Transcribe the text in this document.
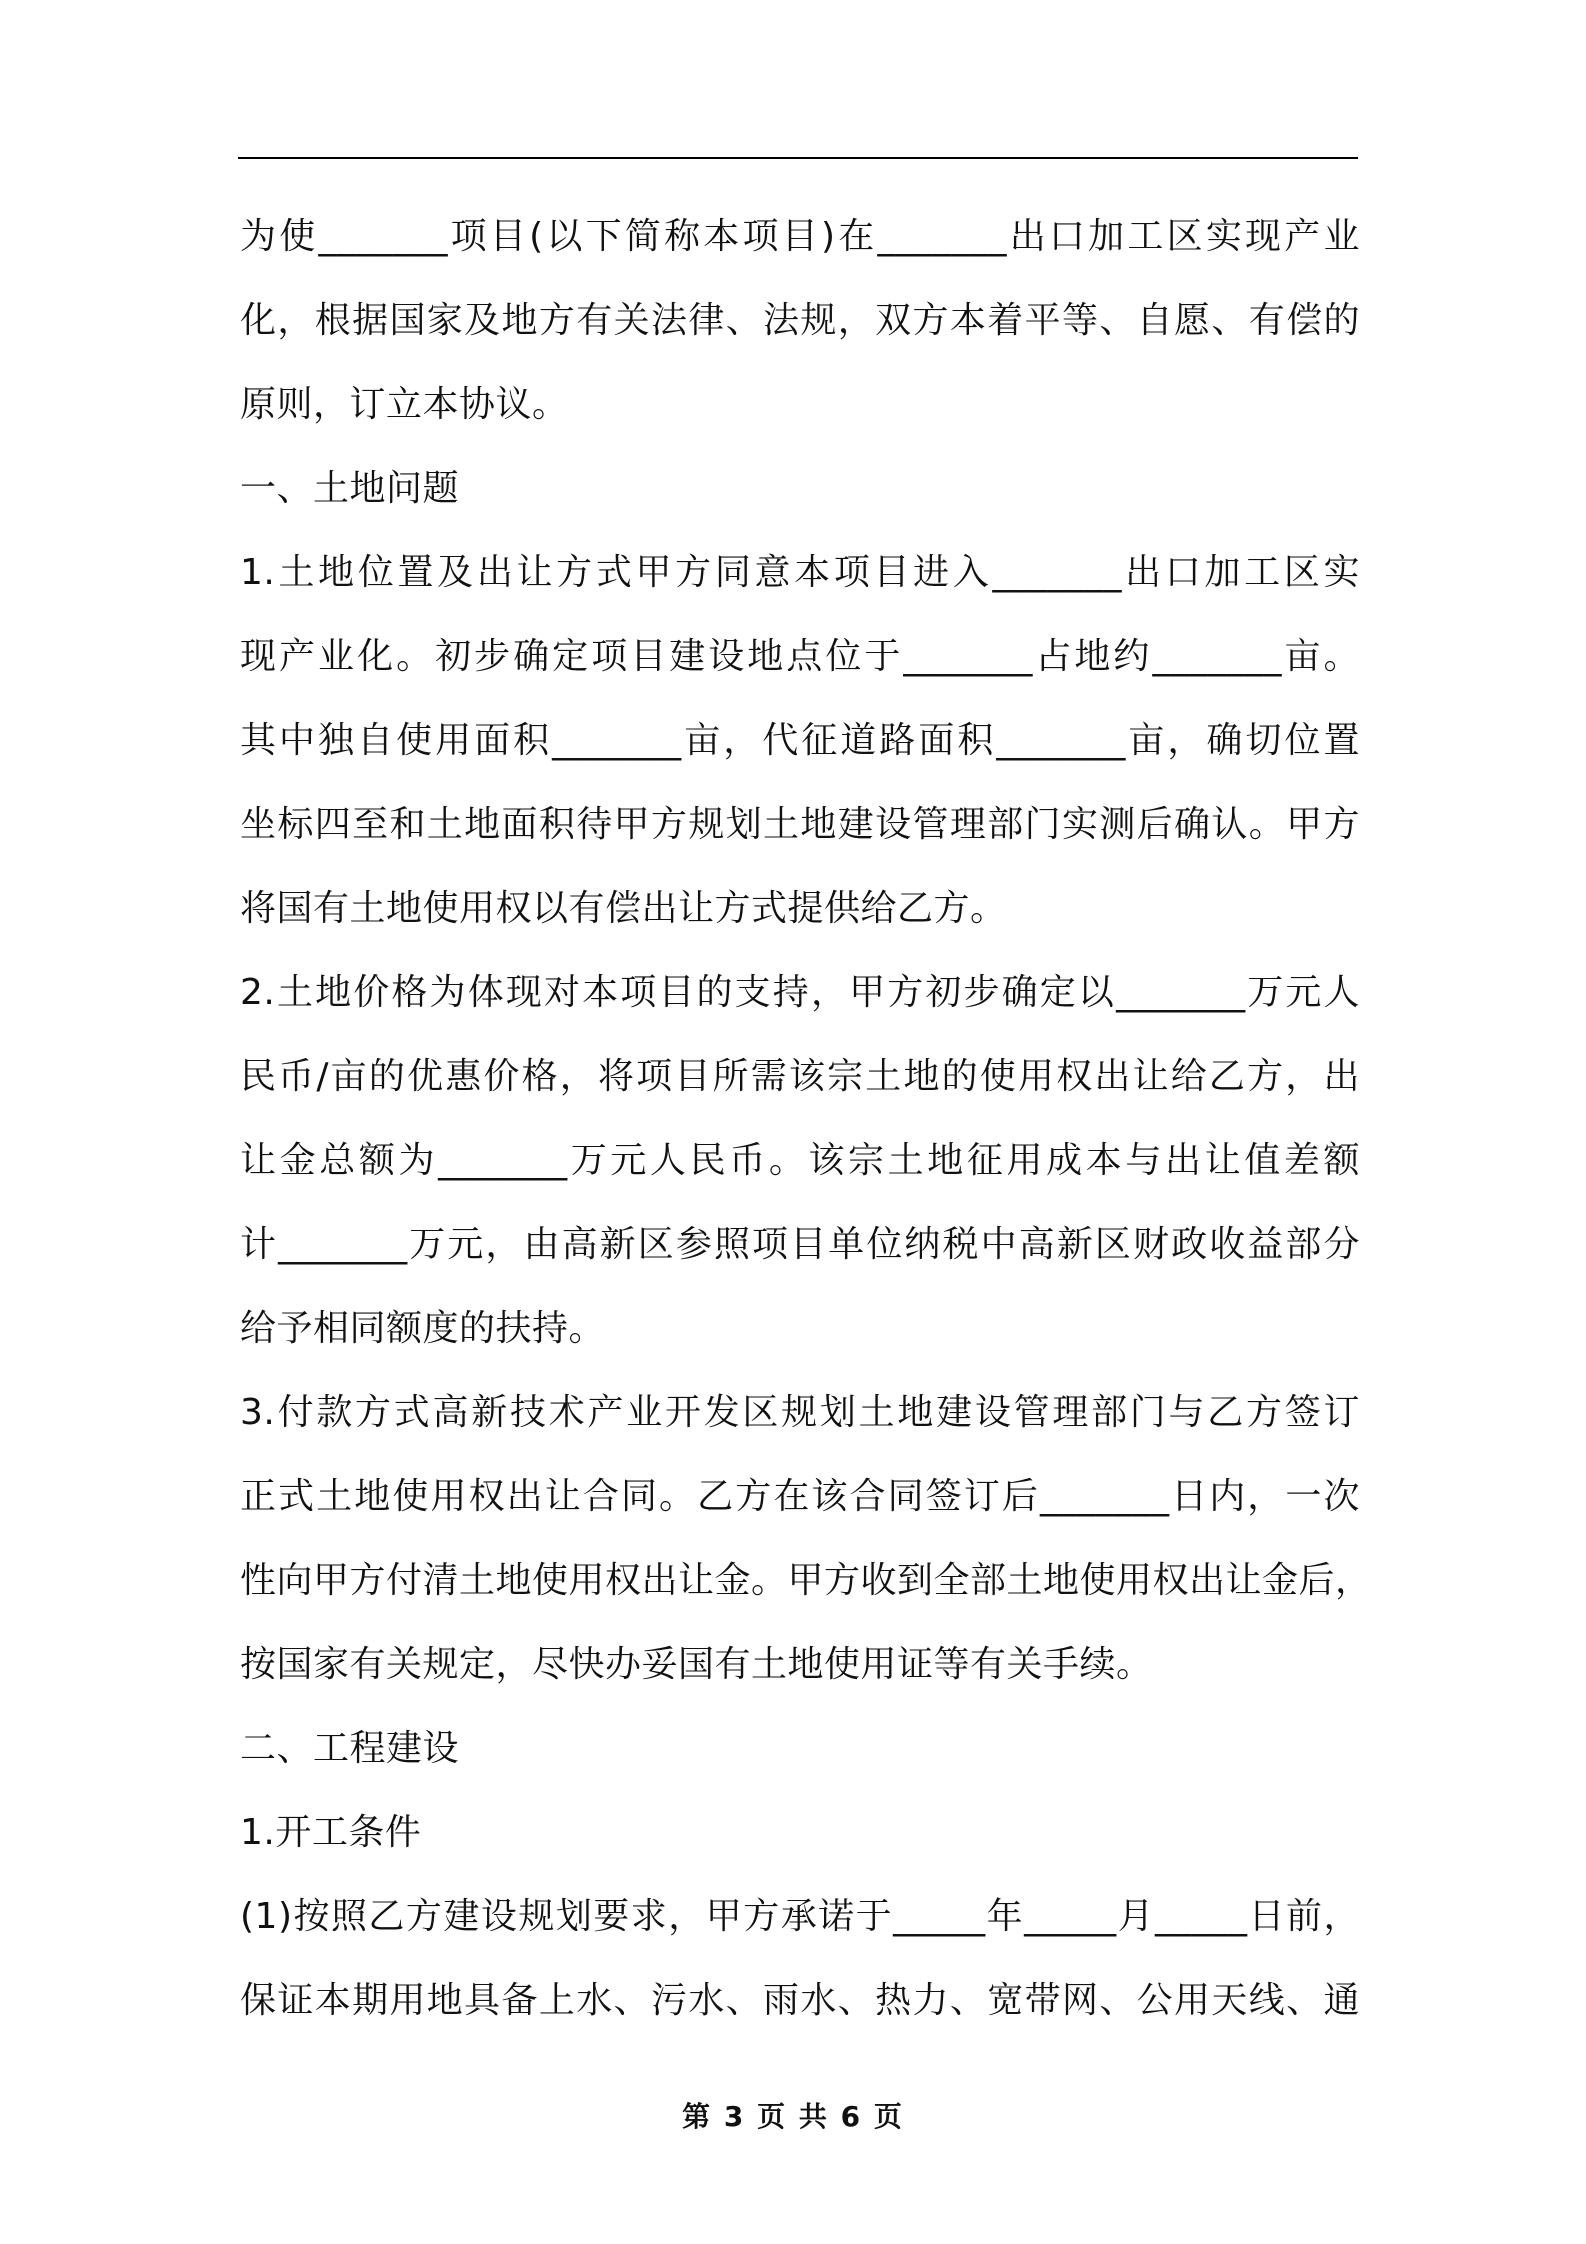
为使_______项目(以下简称本项目)在_______出口加工区实现产业
化，根据国家及地方有关法律、法规，双方本着平等、自愿、有偿的
原则，订立本协议。
一、土地问题
1.土地位置及出让方式甲方同意本项目进入_______出口加工区实
现产业化。初步确定项目建设地点位于_______占地约_______亩。
其中独自使用面积_______亩，代征道路面积_______亩，确切位置
坐标四至和土地面积待甲方规划土地建设管理部门实测后确认。甲方
将国有土地使用权以有偿出让方式提供给乙方。
2.土地价格为体现对本项目的支持，甲方初步确定以_______万元人
民币/亩的优惠价格，将项目所需该宗土地的使用权出让给乙方，出
让金总额为_______万元人民币。该宗土地征用成本与出让值差额
计_______万元，由高新区参照项目单位纳税中高新区财政收益部分
给予相同额度的扶持。
3.付款方式高新技术产业开发区规划土地建设管理部门与乙方签订
正式土地使用权出让合同。乙方在该合同签订后_______日内，一次
性向甲方付清土地使用权出让金。甲方收到全部土地使用权出让金后，
按国家有关规定，尽快办妥国有土地使用证等有关手续。
二、工程建设
1.开工条件
(1)按照乙方建设规划要求，甲方承诺于_____年_____月_____日前，
保证本期用地具备上水、污水、雨水、热力、宽带网、公用天线、通
第 3 页 共 6 页
